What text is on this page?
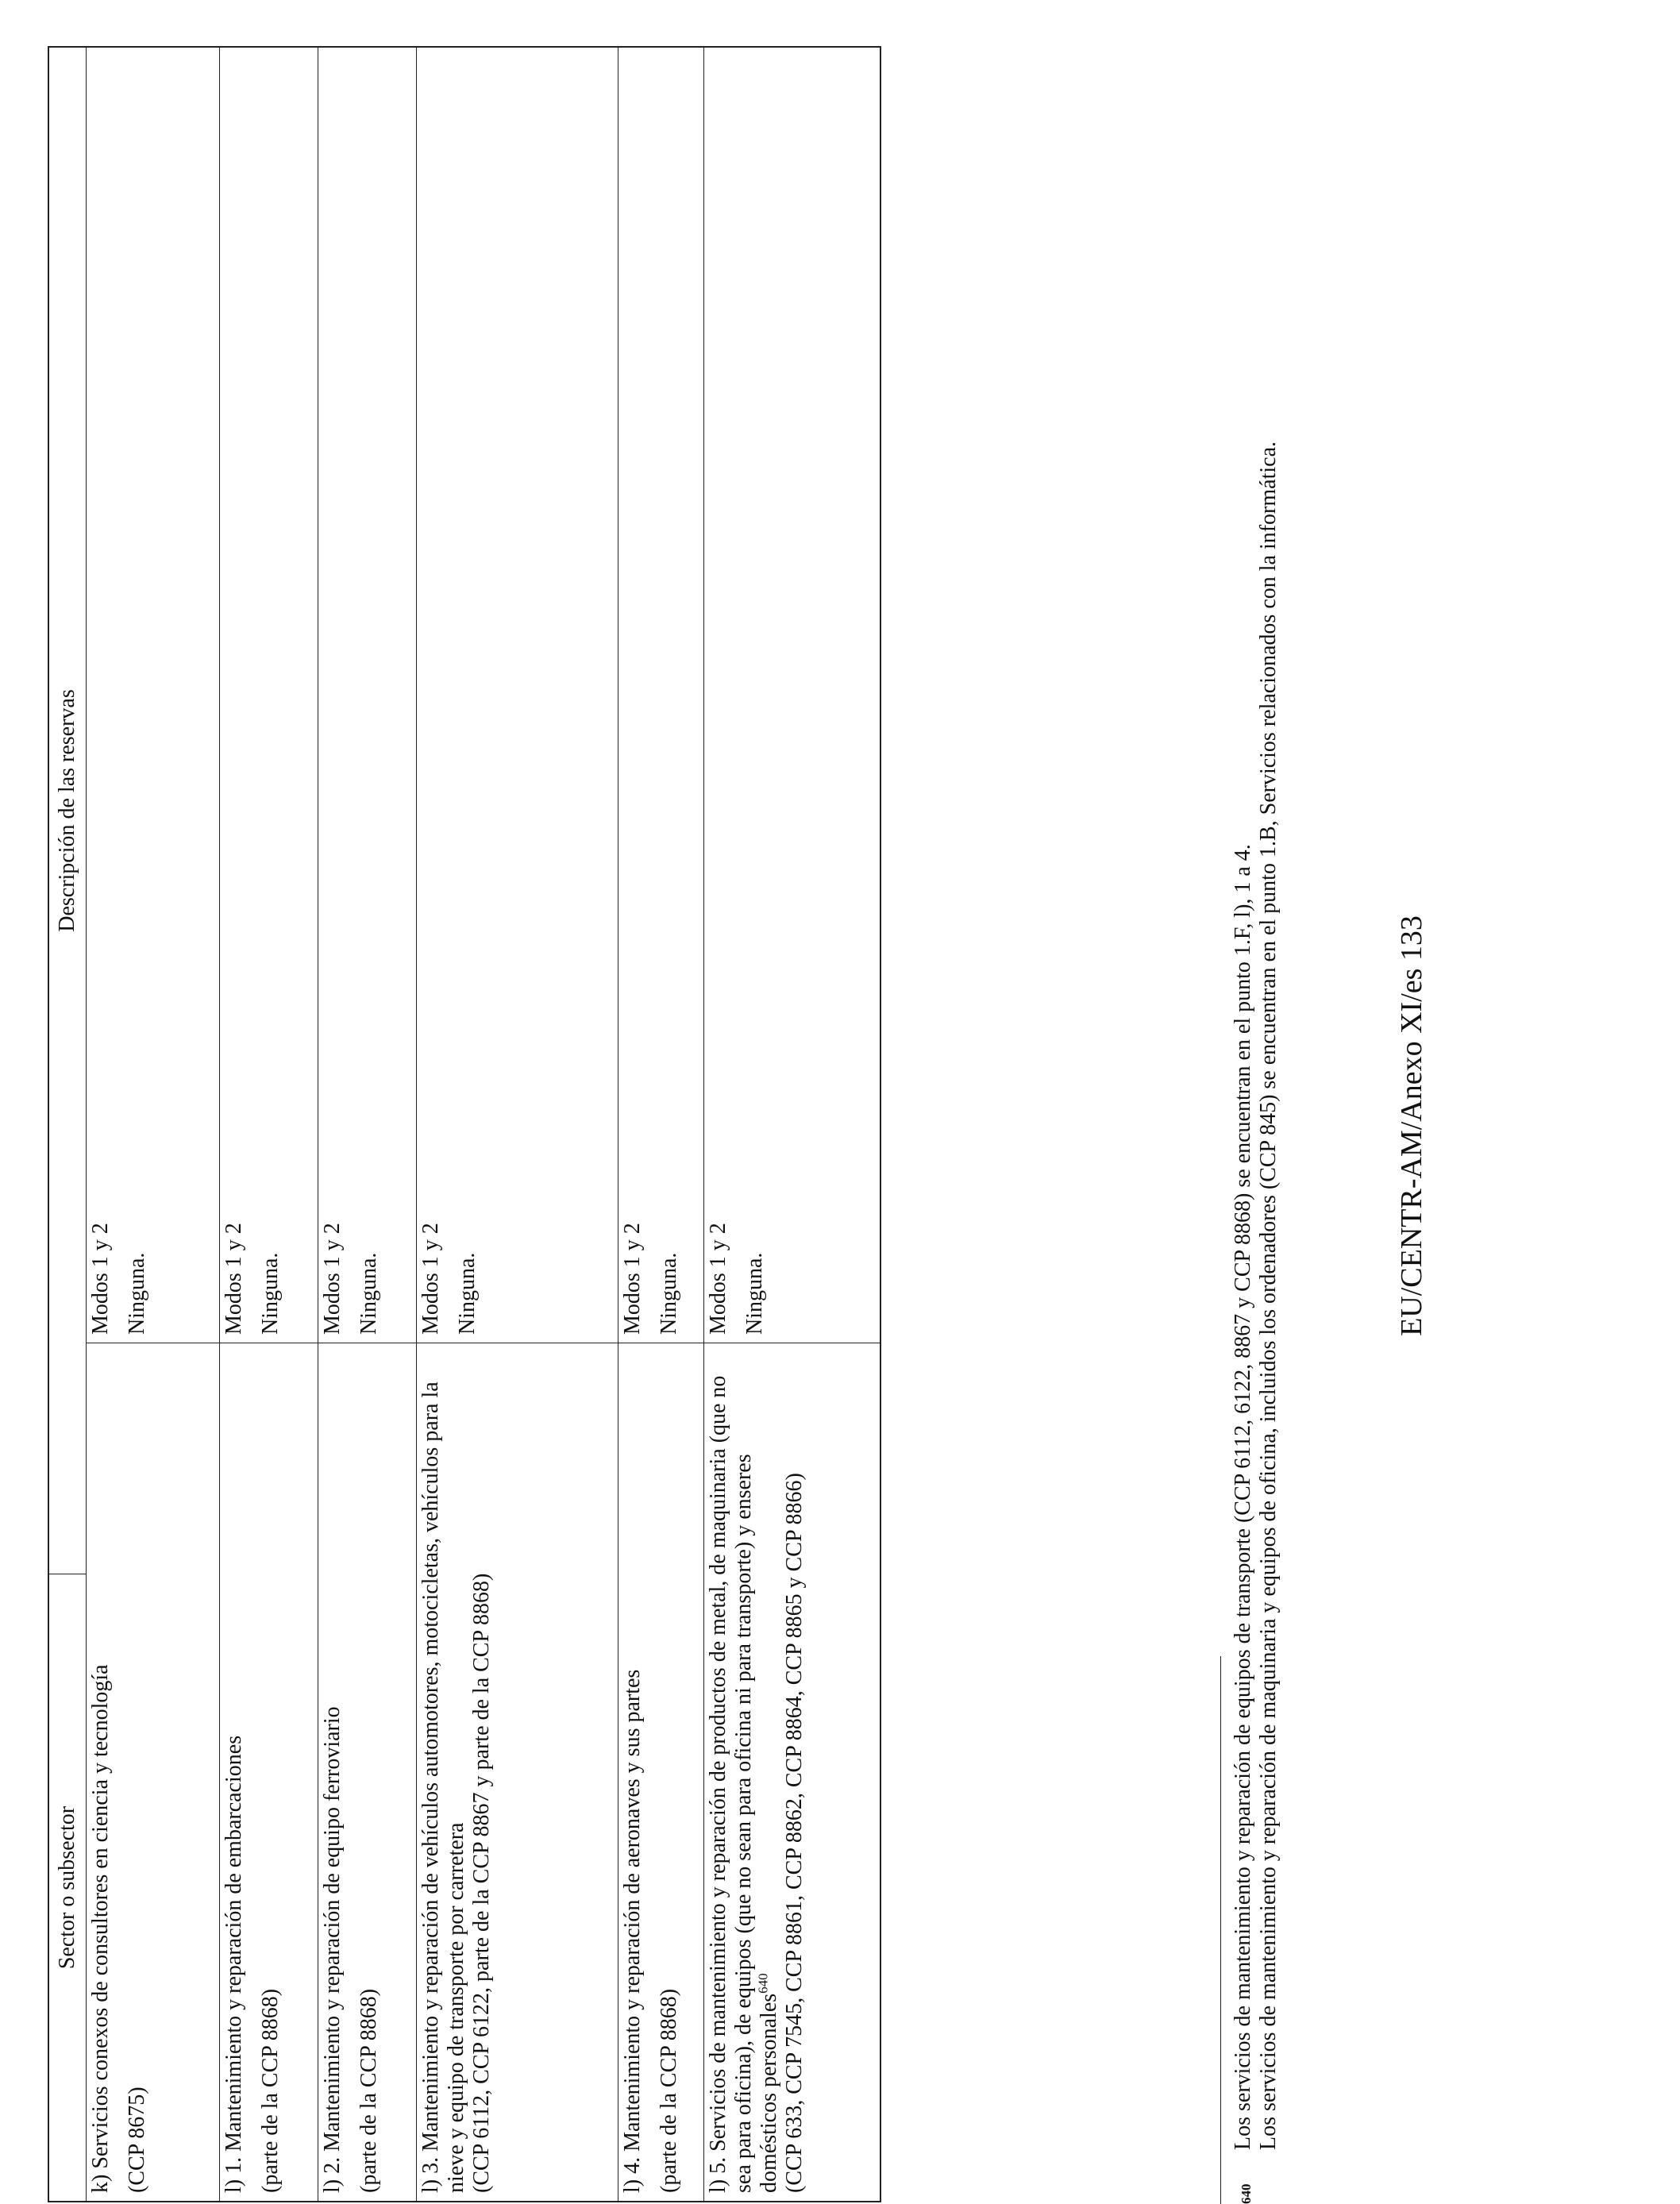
Sector o subsector
Descripción de las reservas

k) Servicios conexos de consultores en ciencia y tecnología (CCP 8675)

Modos 1 y 2 Ninguna.

l) 1. Mantenimiento y reparación de embarcaciones (parte de la CCP 8868)

Modos 1 y 2 Ninguna.

l) 2. Mantenimiento y reparación de equipo ferroviario (parte de la CCP 8868)

Modos 1 y 2 Ninguna.

l) 3. Mantenimiento y reparación de vehículos automotores, motocicletas, vehículos para la nieve y equipo de transporte por carretera (CCP 6112, CCP 6122, parte de la CCP 8867 y parte de la CCP 8868)

Modos 1 y 2 Ninguna.

l) 4. Mantenimiento y reparación de aeronaves y sus partes (parte de la CCP 8868)

Modos 1 y 2 Ninguna.

l) 5. Servicios de mantenimiento y reparación de productos de metal, de maquinaria (que no sea para oficina), de equipos (que no sean para oficina ni para transporte) y enseres domésticos personales$^{640}$ (CCP 633, CCP 7545, CCP 8861, CCP 8862, CCP 8864, CCP 8865 y CCP 8866)

Modos 1 y 2 Ninguna.

640

Los servicios de mantenimiento y reparación de equipos de transporte (CCP 6112, 6122, 8867 y CCP 8868) se encuentran en el punto 1.F, l), 1 a 4. Los servicios de mantenimiento y reparación de maquinaria y equipos de oficina, incluidos los ordenadores (CCP 845) se encuentran en el punto 1.B, Servicios relacionados con la informática.	EU/CENTR-AM/Anexo XI/es 133
